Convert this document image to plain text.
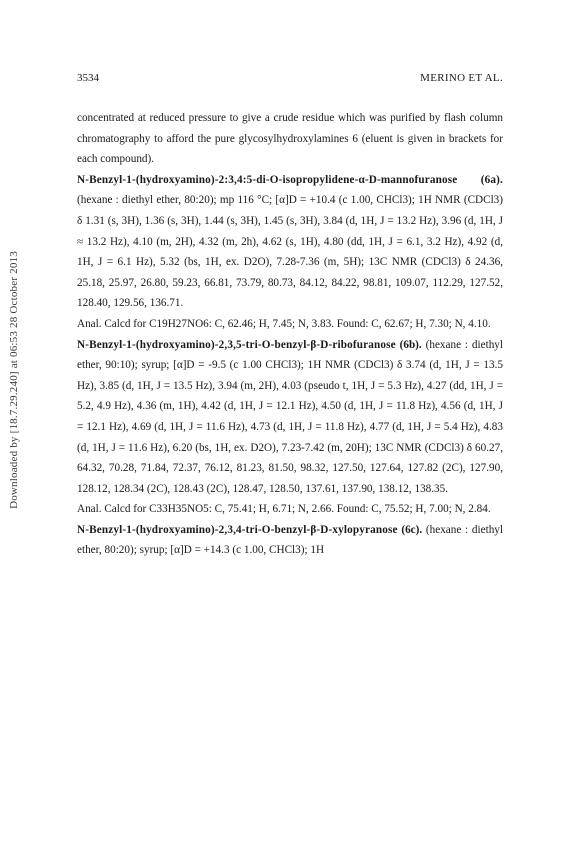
Downloaded by [18.7.29.240] at 06:53 28 October 2013
3534	MERINO ET AL.

concentrated at reduced pressure to give a crude residue which was purified by flash column chromatography to afford the pure glycosylhydroxylamines 6 (eluent is given in brackets for each compound).

N-Benzyl-1-(hydroxyamino)-2:3,4:5-di-O-isopropylidene-α-D-mannofuranose (6a). (hexane : diethyl ether, 80:20); mp 116 °C; [α]D = +10.4 (c 1.00, CHCl3); 1H NMR (CDCl3) δ 1.31 (s, 3H), 1.36 (s, 3H), 1.44 (s, 3H), 1.45 (s, 3H), 3.84 (d, 1H, J = 13.2 Hz), 3.96 (d, 1H, J ≈ 13.2 Hz), 4.10 (m, 2H), 4.32 (m, 2h), 4.62 (s, 1H), 4.80 (dd, 1H, J = 6.1, 3.2 Hz), 4.92 (d, 1H, J = 6.1 Hz), 5.32 (bs, 1H, ex. D2O), 7.28-7.36 (m, 5H); 13C NMR (CDCl3) δ 24.36, 25.18, 25.97, 26.80, 59.23, 66.81, 73.79, 80.73, 84.12, 84.22, 98.81, 109.07, 112.29, 127.52, 128.40, 129.56, 136.71.

Anal. Calcd for C19H27NO6: C, 62.46; H, 7.45; N, 3.83. Found: C, 62.67; H, 7.30; N, 4.10.

N-Benzyl-1-(hydroxyamino)-2,3,5-tri-O-benzyl-β-D-ribofuranose (6b). (hexane : diethyl ether, 90:10); syrup; [α]D = -9.5 (c 1.00 CHCl3); 1H NMR (CDCl3) δ 3.74 (d, 1H, J = 13.5 Hz), 3.85 (d, 1H, J = 13.5 Hz), 3.94 (m, 2H), 4.03 (pseudo t, 1H, J = 5.3 Hz), 4.27 (dd, 1H, J = 5.2, 4.9 Hz), 4.36 (m, 1H), 4.42 (d, 1H, J = 12.1 Hz), 4.50 (d, 1H, J = 11.8 Hz), 4.56 (d, 1H, J = 12.1 Hz), 4.69 (d, 1H, J = 11.6 Hz), 4.73 (d, 1H, J = 11.8 Hz), 4.77 (d, 1H, J = 5.4 Hz), 4.83 (d, 1H, J = 11.6 Hz), 6.20 (bs, 1H, ex. D2O), 7.23-7.42 (m, 20H); 13C NMR (CDCl3) δ 60.27, 64.32, 70.28, 71.84, 72.37, 76.12, 81.23, 81.50, 98.32, 127.50, 127.64, 127.82 (2C), 127.90, 128.12, 128.34 (2C), 128.43 (2C), 128.47, 128.50, 137.61, 137.90, 138.12, 138.35.

Anal. Calcd for C33H35NO5: C, 75.41; H, 6.71; N, 2.66. Found: C, 75.52; H, 7.00; N, 2.84.

N-Benzyl-1-(hydroxyamino)-2,3,4-tri-O-benzyl-β-D-xylopyranose (6c). (hexane : diethyl ether, 80:20); syrup; [α]D = +14.3 (c 1.00, CHCl3); 1H
